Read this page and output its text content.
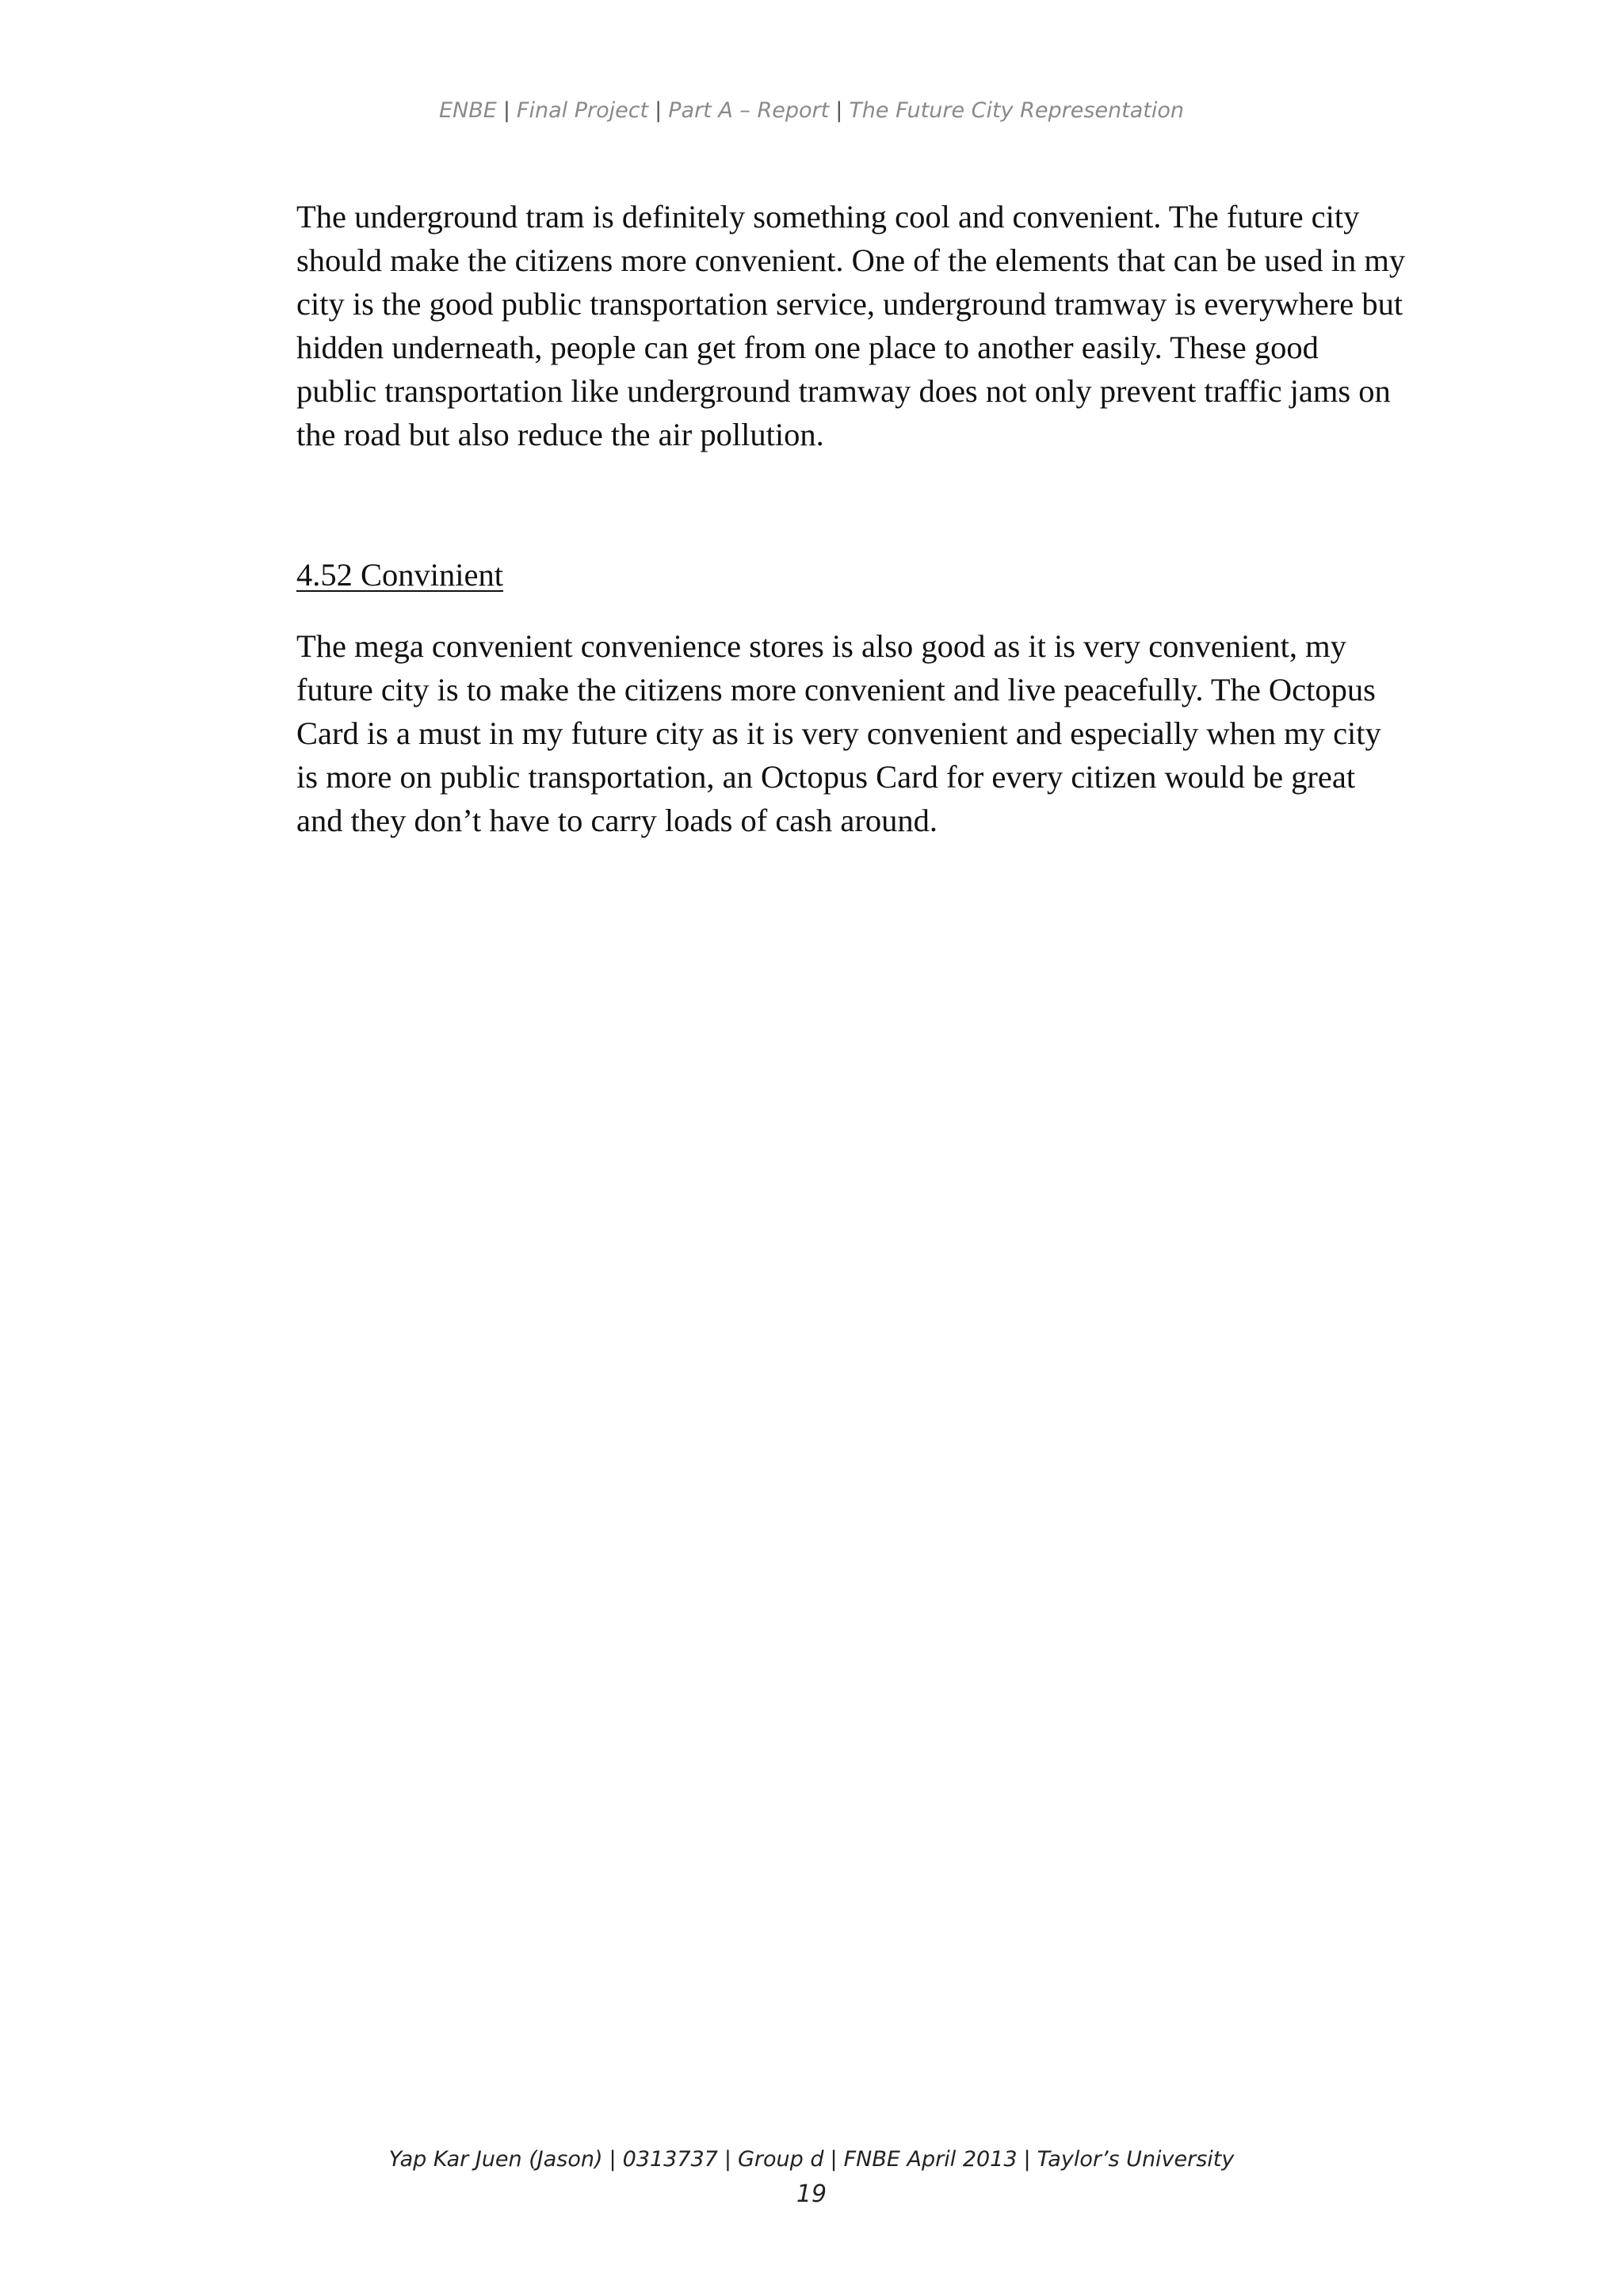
ENBE | Final Project | Part A – Report | The Future City Representation
The underground tram is definitely something cool and convenient. The future city
should make the citizens more convenient. One of the elements that can be used in my
city is the good public transportation service, underground tramway is everywhere but
hidden underneath, people can get from one place to another easily. These good
public transportation like underground tramway does not only prevent traffic jams on
the road but also reduce the air pollution.
4.52 Convinient
The mega convenient convenience stores is also good as it is very convenient, my
future city is to make the citizens more convenient and live peacefully. The Octopus
Card is a must in my future city as it is very convenient and especially when my city
is more on public transportation, an Octopus Card for every citizen would be great
and they don’t have to carry loads of cash around.
Yap Kar Juen (Jason) | 0313737 | Group d | FNBE April 2013 | Taylor’s University
19
